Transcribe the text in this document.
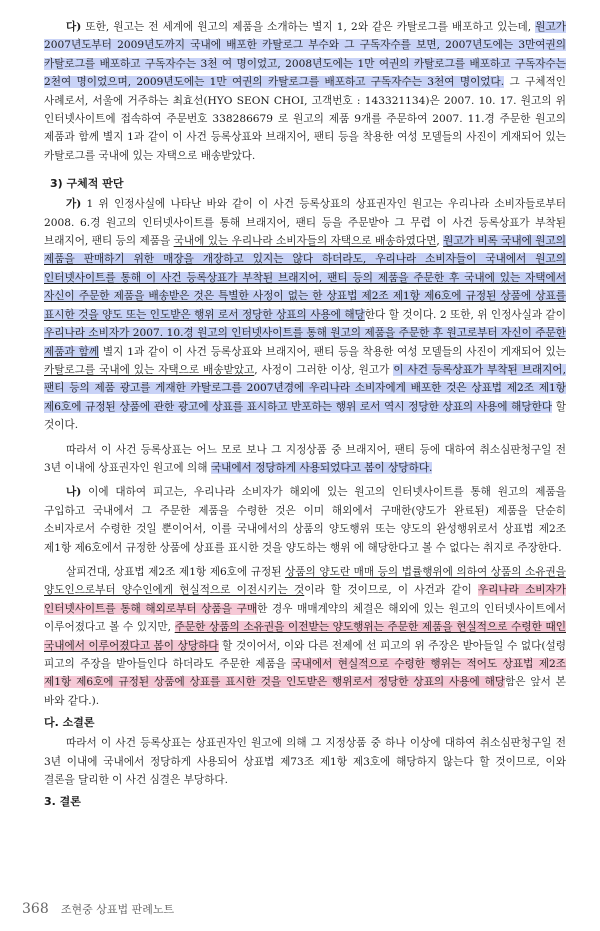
다) 또한, 원고는 전 세계에 원고의 제품을 소개하는 별지 1, 2와 같은 카탈로그를 배포하고 있는데, 원고가 2007년도부터 2009년도까지 국내에 배포한 카탈로그 부수와 그 구독자수를 보면, 2007년도에는 3만여권의 카탈로그를 배포하고 구독자수는 3천 여 명이었고, 2008년도에는 1만 여권의 카탈로그를 배포하고 구독자수는 2천여 명이었으며, 2009년도에는 1만 여권의 카탈로그를 배포하고 구독자수는 3천여 명이었다. 그 구체적인 사례로서, 서울에 거주하는 최효선(HYO SEON CHOI, 고객번호 : 143321134)은 2007. 10. 17. 원고의 위 인터넷사이트에 접속하여 주문번호 338286679 로 원고의 제품 9개를 주문하여 2007. 11.경 주문한 원고의 제품과 함께 별지 1과 같이 이 사건 등록상표와 브래지어, 팬티 등을 착용한 여성 모델들의 사진이 게재되어 있는 카탈로그를 국내에 있는 자택으로 배송받았다.

3) 구체적 판단

가) 1 위 인정사실에 나타난 바와 같이 이 사건 등록상표의 상표권자인 원고는 우리나라 소비자들로부터 2008. 6.경 원고의 인터넷사이트를 통해 브래지어, 팬티 등을 주문받아 그 무렵 이 사건 등록상표가 부착된 브래지어, 팬티 등의 제품을 국내에 있는 우리나라 소비자들의 자택으로 배송하였다면, 원고가 비록 국내에 원고의 제품을 판매하기 위한 매장을 개장하고 있지는 않다 하더라도, 우리나라 소비자들이 국내에서 원고의 인터넷사이트를 통해 이 사건 등록상표가 부착된 브래지어, 팬티 등의 제품을 주문한 후 국내에 있는 자택에서 자신이 주문한 제품을 배송받은 것은 특별한 사정이 없는 한 상표법 제2조 제1항 제6호에 규정된 상품에 상표를 표시한 것을 양도 또는 인도받은 행위 로서 정당한 상표의 사용에 해당한다 할 것이다. 2 또한, 위 인정사실과 같이 우리나라 소비자가 2007. 10.경 원고의 인터넷사이트를 통해 원고의 제품을 주문한 후 원고로부터 자신이 주문한 제품과 함께 별지 1과 같이 이 사건 등록상표와 브래지어, 팬티 등을 착용한 여성 모델들의 사진이 게재되어 있는 카탈로그를 국내에 있는 자택으로 배송받았고, 사정이 그러한 이상, 원고가 이 사건 등록상표가 부착된 브래지어, 팬티 등의 제품 광고를 게재한 카탈로그를 2007년경에 우리나라 소비자에게 배포한 것은 상표법 제2조 제1항 제6호에 규정된 상품에 관한 광고에 상표를 표시하고 반포하는 행위 로서 역시 정당한 상표의 사용에 해당한다 할 것이다.

따라서 이 사건 등록상표는 어느 모로 보나 그 지정상품 중 브래지어, 팬티 등에 대하여 취소심판청구일 전 3년 이내에 상표권자인 원고에 의해 국내에서 정당하게 사용되었다고 봄이 상당하다.

나) 이에 대하여 피고는, 우리나라 소비자가 해외에 있는 원고의 인터넷사이트를 통해 원고의 제품을 구입하고 국내에서 그 주문한 제품을 수령한 것은 이미 해외에서 구매한(양도가 완료된) 제품을 단순히 소비자로서 수령한 것일 뿐이어서, 이를 국내에서의 상품의 양도행위 또는 양도의 완성행위로서 상표법 제2조 제1항 제6호에서 규정한 상품에 상표를 표시한 것을 양도하는 행위 에 해당한다고 볼 수 없다는 취지로 주장한다.

살피건대, 상표법 제2조 제1항 제6호에 규정된 상품의 양도란 매매 등의 법률행위에 의하여 상품의 소유권을 양도인으로부터 양수인에게 현실적으로 이전시키는 것이라 할 것이므로, 이 사건과 같이 우리나라 소비자가 인터넷사이트를 통해 해외로부터 상품을 구매한 경우 매매계약의 체결은 해외에 있는 원고의 인터넷사이트에서 이루어졌다고 볼 수 있지만, 주문한 상품의 소유권을 이전받는 양도행위는 주문한 제품을 현실적으로 수령한 때인 국내에서 이루어졌다고 봄이 상당하다 할 것이어서, 이와 다른 전제에 선 피고의 위 주장은 받아들일 수 없다(설령 피고의 주장을 받아들인다 하더라도 주문한 제품을 국내에서 현실적으로 수령한 행위는 적어도 상표법 제2조 제1항 제6호에 규정된 상품에 상표를 표시한 것을 인도받은 행위로서 정당한 상표의 사용에 해당함은 앞서 본 바와 같다.).

다. 소결론

따라서 이 사건 등록상표는 상표권자인 원고에 의해 그 지정상품 중 하나 이상에 대하여 취소심판청구일 전 3년 이내에 국내에서 정당하게 사용되어 상표법 제73조 제1항 제3호에 해당하지 않는다 할 것이므로, 이와 결론을 달리한 이 사건 심결은 부당하다.

3. 결론
368 조현중 상표법 판례노트
